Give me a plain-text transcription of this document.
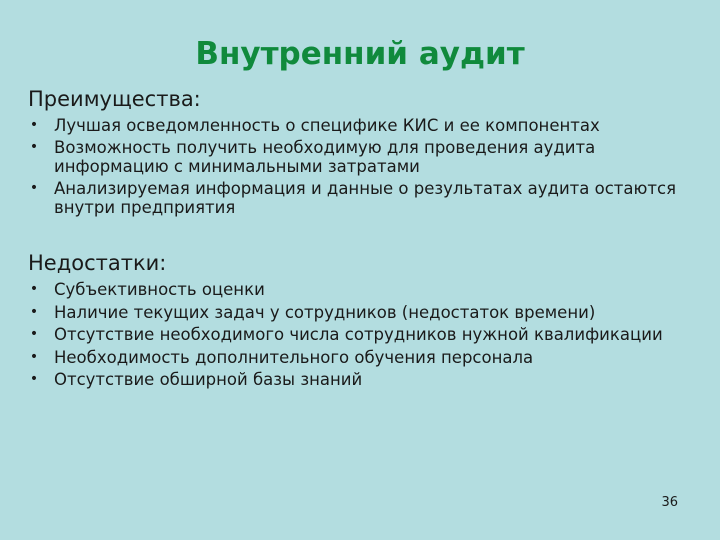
Внутренний аудит
Преимущества:
• Лучшая осведомленность о специфике КИС и ее компонентах
• Возможность получить необходимую для проведения аудита информацию с минимальными затратами
• Анализируемая информация и данные о результатах аудита остаются внутри предприятия
Недостатки:
• Субъективность оценки
• Наличие текущих задач у сотрудников (недостаток времени)
• Отсутствие необходимого числа сотрудников нужной квалификации
• Необходимость дополнительного обучения персонала
• Отсутствие обширной базы знаний
36
